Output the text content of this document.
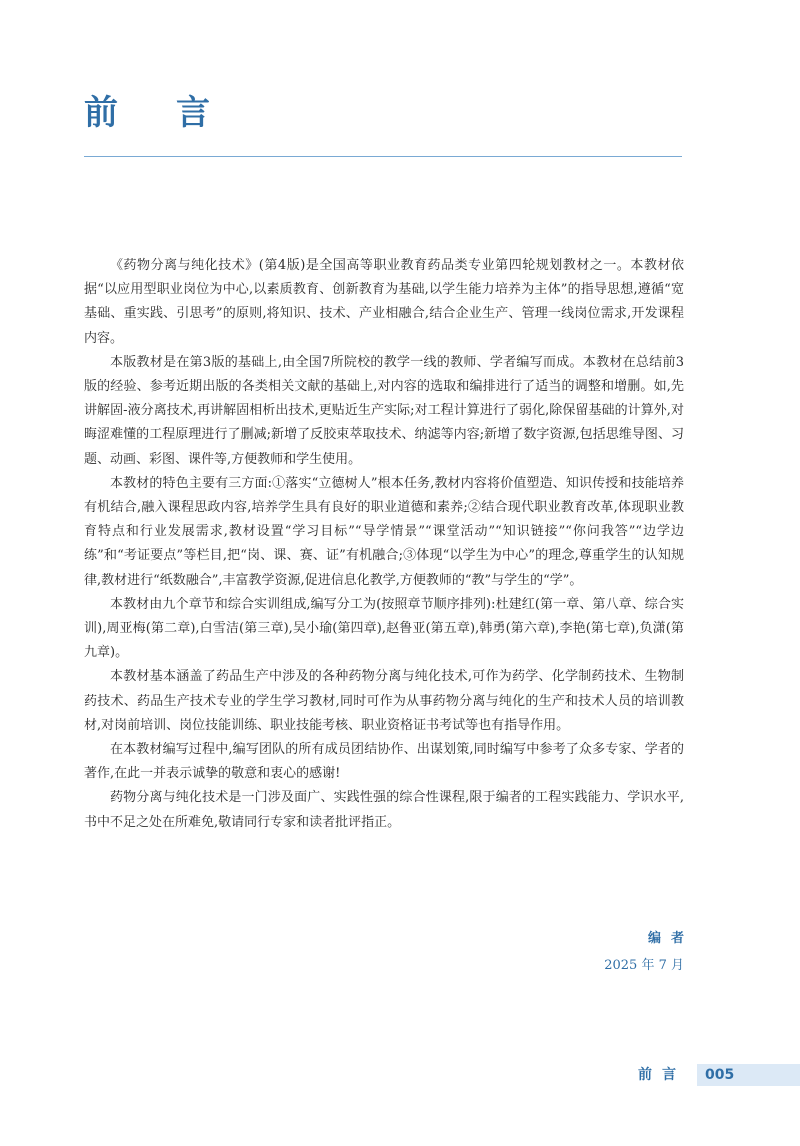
前　言

《药物分离与纯化技术》(第4版)是全国高等职业教育药品类专业第四轮规划教材之一。本教材依据“以应用型职业岗位为中心,以素质教育、创新教育为基础,以学生能力培养为主体”的指导思想,遵循“宽基础、重实践、引思考”的原则,将知识、技术、产业相融合,结合企业生产、管理一线岗位需求,开发课程内容。

本版教材是在第3版的基础上,由全国7所院校的教学一线的教师、学者编写而成。本教材在总结前3版的经验、参考近期出版的各类相关文献的基础上,对内容的选取和编排进行了适当的调整和增删。如,先讲解固-液分离技术,再讲解固相析出技术,更贴近生产实际;对工程计算进行了弱化,除保留基础的计算外,对晦涩难懂的工程原理进行了删减;新增了反胶束萃取技术、纳滤等内容;新增了数字资源,包括思维导图、习题、动画、彩图、课件等,方便教师和学生使用。

本教材的特色主要有三方面:①落实“立德树人”根本任务,教材内容将价值塑造、知识传授和技能培养有机结合,融入课程思政内容,培养学生具有良好的职业道德和素养;②结合现代职业教育改革,体现职业教育特点和行业发展需求,教材设置“学习目标”“导学情景”“课堂活动”“知识链接”“你问我答”“边学边练”和“考证要点”等栏目,把“岗、课、赛、证”有机融合;③体现“以学生为中心”的理念,尊重学生的认知规律,教材进行“纸数融合”,丰富教学资源,促进信息化教学,方便教师的“教”与学生的“学”。

本教材由九个章节和综合实训组成,编写分工为(按照章节顺序排列):杜建红(第一章、第八章、综合实训),周亚梅(第二章),白雪洁(第三章),吴小瑜(第四章),赵鲁亚(第五章),韩勇(第六章),李艳(第七章),负潇(第九章)。

本教材基本涵盖了药品生产中涉及的各种药物分离与纯化技术,可作为药学、化学制药技术、生物制药技术、药品生产技术专业的学生学习教材,同时可作为从事药物分离与纯化的生产和技术人员的培训教材,对岗前培训、岗位技能训练、职业技能考核、职业资格证书考试等也有指导作用。

在本教材编写过程中,编写团队的所有成员团结协作、出谋划策,同时编写中参考了众多专家、学者的著作,在此一并表示诚挚的敬意和衷心的感谢!

药物分离与纯化技术是一门涉及面广、实践性强的综合性课程,限于编者的工程实践能力、学识水平,书中不足之处在所难免,敬请同行专家和读者批评指正。

编者
2025 年 7 月
前言 005
